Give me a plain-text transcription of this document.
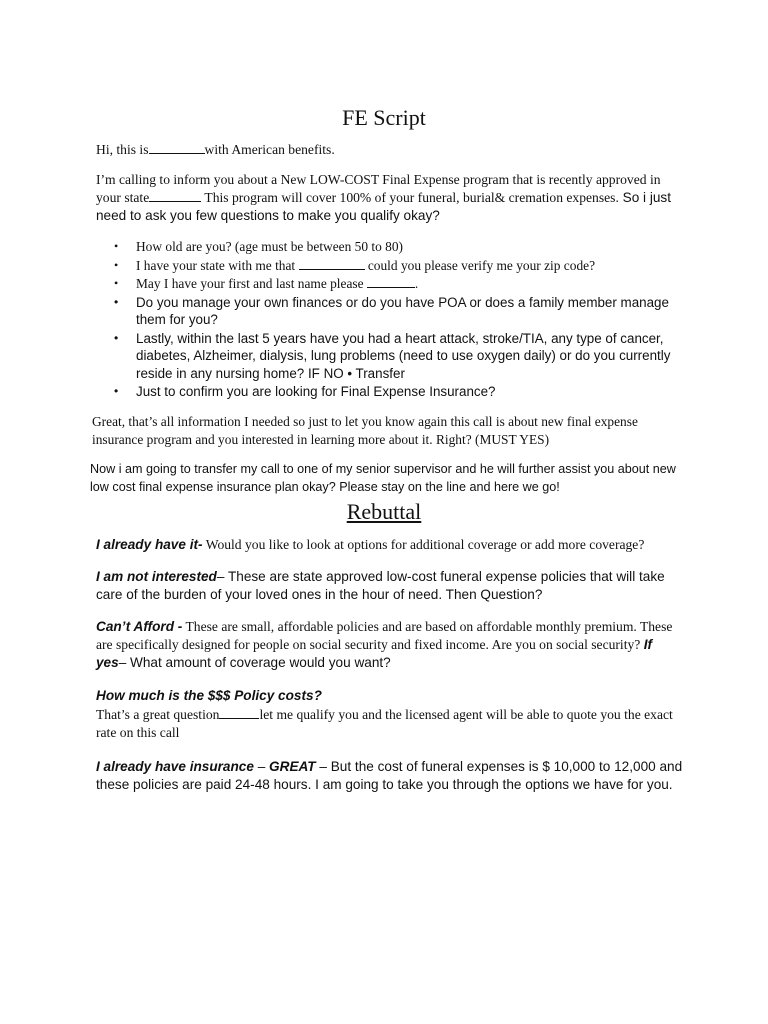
FE Script

Hi, this is	with American benefits.

I’m calling to inform you about a New LOW-COST Final Expense program that is recently approved in your state	This program will cover 100% of your funeral, burial& cremation expenses. So i just need to ask you few questions to make you qualify okay?

• How old are you? (age must be between 50 to 80)
• I have your state with me that	could you please verify me your zip code?
• May I have your first and last name please	.
• Do you manage your own finances or do you have POA or does a family member manage them for you?
• Lastly, within the last 5 years have you had a heart attack, stroke/TIA, any type of cancer, diabetes, Alzheimer, dialysis, lung problems (need to use oxygen daily) or do you currently reside in any nursing home? IF NO • Transfer
• Just to confirm you are looking for Final Expense Insurance?

Great, that’s all information I needed so just to let you know again this call is about new final expense insurance program and you interested in learning more about it. Right? (MUST YES)

Now i am going to transfer my call to one of my senior supervisor and he will further assist you about new low cost final expense insurance plan okay? Please stay on the line and here we go!

Rebuttal

I already have it- Would you like to look at options for additional coverage or add more coverage?

I am not interested– These are state approved low-cost funeral expense policies that will take care of the burden of your loved ones in the hour of need. Then Question?

Can’t Afford - These are small, affordable policies and are based on affordable monthly premium. These are specifically designed for people on social security and fixed income. Are you on social security? If yes– What amount of coverage would you want?

How much is the $$$ Policy costs?

That’s a great question	let me qualify you and the licensed agent will be able to quote you the exact rate on this call

I already have insurance – GREAT – But the cost of funeral expenses is $ 10,000 to 12,000 and these policies are paid 24-48 hours. I am going to take you through the options we have for you.
